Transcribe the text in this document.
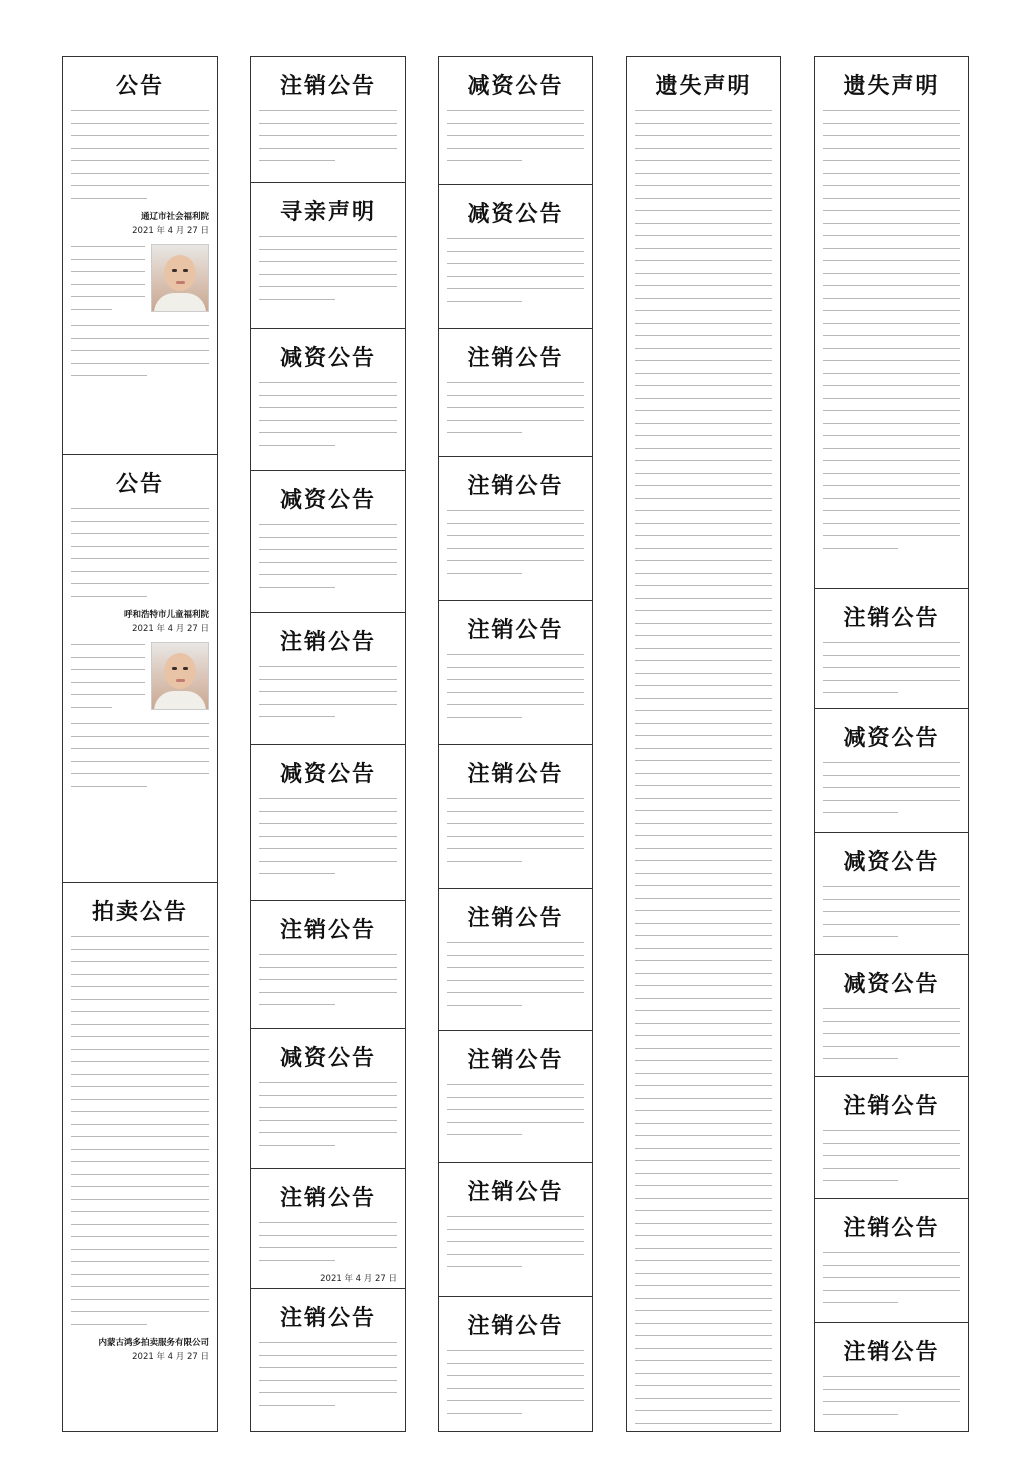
公告
通辽市社会福利院
2021 年 4 月 27 日
公告
呼和浩特市儿童福利院
2021 年 4 月 27 日
拍卖公告
内蒙古鸿多拍卖服务有限公司
2021 年 4 月 27 日
注销公告
寻亲声明
减资公告
减资公告
注销公告
减资公告
注销公告
减资公告
注销公告
2021 年 4 月 27 日
注销公告
减资公告
减资公告
注销公告
注销公告
注销公告
注销公告
注销公告
注销公告
注销公告
注销公告
遗失声明	遗失声明
注销公告
减资公告
减资公告
减资公告
注销公告
注销公告
注销公告
